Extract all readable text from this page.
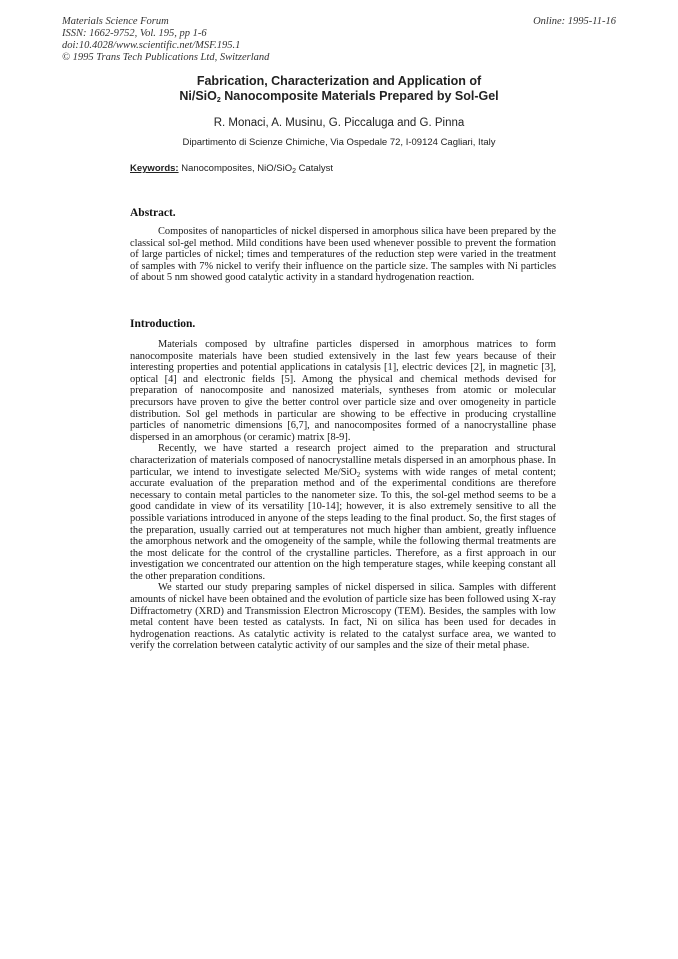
Materials Science Forum
ISSN: 1662-9752, Vol. 195, pp 1-6
doi:10.4028/www.scientific.net/MSF.195.1
© 1995 Trans Tech Publications Ltd, Switzerland
Online: 1995-11-16
Fabrication, Characterization and Application of
Ni/SiO$_2$ Nanocomposite Materials Prepared by Sol-Gel
R. Monaci, A. Musinu, G. Piccaluga and G. Pinna
Dipartimento di Scienze Chimiche, Via Ospedale 72, I-09124 Cagliari, Italy
Keywords: Nanocomposites, NiO/SiO$_2$ Catalyst
Abstract.

Composites of nanoparticles of nickel dispersed in amorphous silica have been prepared by the classical sol-gel method. Mild conditions have been used whenever possible to prevent the formation of large particles of nickel; times and temperatures of the reduction step were varied in the treatment of samples with 7% nickel to verify their influence on the particle size. The samples with Ni particles of about 5 nm showed good catalytic activity in a standard hydrogenation reaction.

Introduction.

Materials composed by ultrafine particles dispersed in amorphous matrices to form nanocomposite materials have been studied extensively in the last few years because of their interesting properties and potential applications in catalysis [1], electric devices [2], in magnetic [3], optical [4] and electronic fields [5]. Among the physical and chemical methods devised for preparation of nanocomposite and nanosized materials, syntheses from atomic or molecular precursors have proven to give the better control over particle size and over omogeneity in particle distribution. Sol gel methods in particular are showing to be effective in producing crystalline particles of nanometric dimensions [6,7], and nanocomposites formed of a nanocrystalline phase dispersed in an amorphous (or ceramic) matrix [8-9].

Recently, we have started a research project aimed to the preparation and structural characterization of materials composed of nanocrystalline metals dispersed in an amorphous phase. In particular, we intend to investigate selected Me/SiO$_2$ systems with wide ranges of metal content; accurate evaluation of the preparation method and of the experimental conditions are therefore necessary to contain metal particles to the nanometer size. To this, the sol-gel method seems to be a good candidate in view of its versatility [10-14]; however, it is also extremely sensitive to all the possible variations introduced in anyone of the steps leading to the final product. So, the first stages of the preparation, usually carried out at temperatures not much higher than ambient, greatly influence the amorphous network and the omogeneity of the sample, while the following thermal treatments are the most delicate for the control of the crystalline particles. Therefore, as a first approach in our investigation we concentrated our attention on the high temperature stages, while keeping constant all the other preparation conditions.

We started our study preparing samples of nickel dispersed in silica. Samples with different amounts of nickel have been obtained and the evolution of particle size has been followed using X-ray Diffractometry (XRD) and Transmission Electron Microscopy (TEM). Besides, the samples with low metal content have been tested as catalysts. In fact, Ni on silica has been used for decades in hydrogenation reactions. As catalytic activity is related to the catalyst surface area, we wanted to verify the correlation between catalytic activity of our samples and the size of their metal phase.
